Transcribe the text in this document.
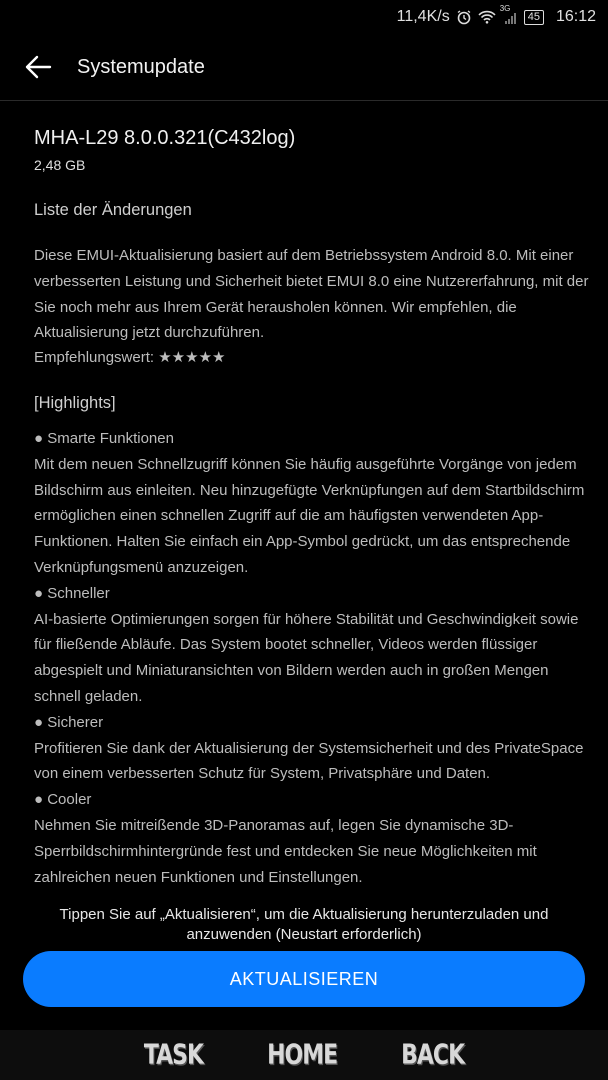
11,4K/s	3G
45 16:12
Systemupdate
MHA-L29 8.0.0.321(C432log)
2,48 GB
Liste der Änderungen
Diese EMUI-Aktualisierung basiert auf dem Betriebssystem Android 8.0. Mit einer verbesserten Leistung und Sicherheit bietet EMUI 8.0 eine Nutzererfahrung, mit der Sie noch mehr aus Ihrem Gerät herausholen können. Wir empfehlen, die Aktualisierung jetzt durchzuführen.
Empfehlungswert: ★★★★★
[Highlights]
● Smarte Funktionen
Mit dem neuen Schnellzugriff können Sie häufig ausgeführte Vorgänge von jedem Bildschirm aus einleiten. Neu hinzugefügte Verknüpfungen auf dem Startbildschirm ermöglichen einen schnellen Zugriff auf die am häufigsten verwendeten App-Funktionen. Halten Sie einfach ein App-Symbol gedrückt, um das entsprechende Verknüpfungsmenü anzuzeigen.
● Schneller
AI-basierte Optimierungen sorgen für höhere Stabilität und Geschwindigkeit sowie für fließende Abläufe. Das System bootet schneller, Videos werden flüssiger abgespielt und Miniaturansichten von Bildern werden auch in großen Mengen schnell geladen.
● Sicherer
Profitieren Sie dank der Aktualisierung der Systemsicherheit und des PrivateSpace von einem verbesserten Schutz für System, Privatsphäre und Daten.
● Cooler
Nehmen Sie mitreißende 3D-Panoramas auf, legen Sie dynamische 3D-Sperrbildschirmhintergründe fest und entdecken Sie neue Möglichkeiten mit zahlreichen neuen Funktionen und Einstellungen.
Tippen Sie auf „Aktualisieren“, um die Aktualisierung herunterzuladen und anzuwenden (Neustart erforderlich)
AKTUALISIEREN
TASK	HOME	BACK
